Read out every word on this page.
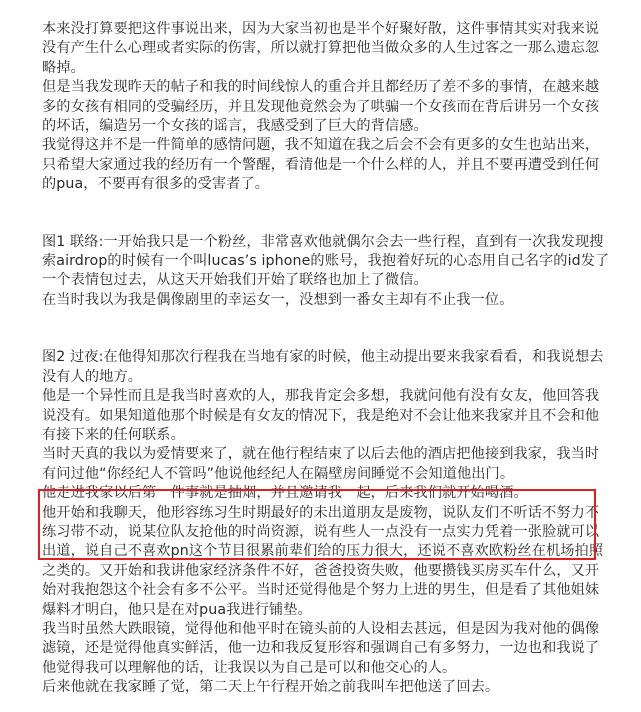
本来没打算要把这件事说出来，因为大家当初也是半个好聚好散，这件事情其实对我来说没有产生什么心理或者实际的伤害，所以就打算把他当做众多的人生过客之一那么遗忘忽略掉。

但是当我发现昨天的帖子和我的时间线惊人的重合并且都经历了差不多的事情，在越来越多的女孩有相同的受骗经历，并且发现他竟然会为了哄骗一个女孩而在背后讲另一个女孩的坏话，编造另一个女孩的谣言，我感受到了巨大的背信感。

我觉得这并不是一件简单的感情问题，我不知道在我之后会不会有更多的女生也站出来，只希望大家通过我的经历有一个警醒，看清他是一个什么样的人，并且不要再遭受到任何的pua，不要再有很多的受害者了。

图1 联络:一开始我只是一个粉丝，非常喜欢他就偶尔会去一些行程，直到有一次我发现搜索airdrop的时候有一个叫lucas’s iphone的账号，我抱着好玩的心态用自己名字的id发了一个表情包过去，从这天开始我们开始了联络也加上了微信。

在当时我以为我是偶像剧里的幸运女一，没想到一番女主却有不止我一位。

图2 过夜:在他得知那次行程我在当地有家的时候，他主动提出要来我家看看，和我说想去没有人的地方。

他是一个异性而且是我当时喜欢的人，那我肯定会多想，我就问他有没有女友，他回答我说没有。如果知道他那个时候是有女友的情况下，我是绝对不会让他来我家并且不会和他有接下来的任何联系。

当时天真的我以为爱情要来了，就在他行程结束了以后去他的酒店把他接到我家，我当时有问过他“你经纪人不管吗”他说他经纪人在隔壁房间睡觉不会知道他出门。

他走进我家以后第一件事就是抽烟，并且邀请我一起，后来我们就开始喝酒。

他开始和我聊天，他形容练习生时期最好的未出道朋友是废物，说队友们不听话不努力不练习带不动，说某位队友抢他的时尚资源，说有些人一点没有一点实力凭着一张脸就可以出道，说自己不喜欢pn这个节目很累前辈们给的压力很大，还说不喜欢欧粉丝在机场拍照之类的。又开始和我讲他家经济条件不好，爸爸投资失败，他要攒钱买房买车什么，又开始对我抱怨这个社会有多不公平。当时还觉得他是个努力上进的男生，但是看了其他姐妹爆料才明白，他只是在对pua我进行铺垫。

我当时虽然大跌眼镜，觉得他和他平时在镜头前的人设相去甚远，但是因为我对他的偶像滤镜，还是觉得他真实鲜活，他一边和我反复形容和强调自己有多努力，一边也和我说了他觉得我可以理解他的话，让我误以为自己是可以和他交心的人。

后来他就在我家睡了觉，第二天上午行程开始之前我叫车把他送了回去。
